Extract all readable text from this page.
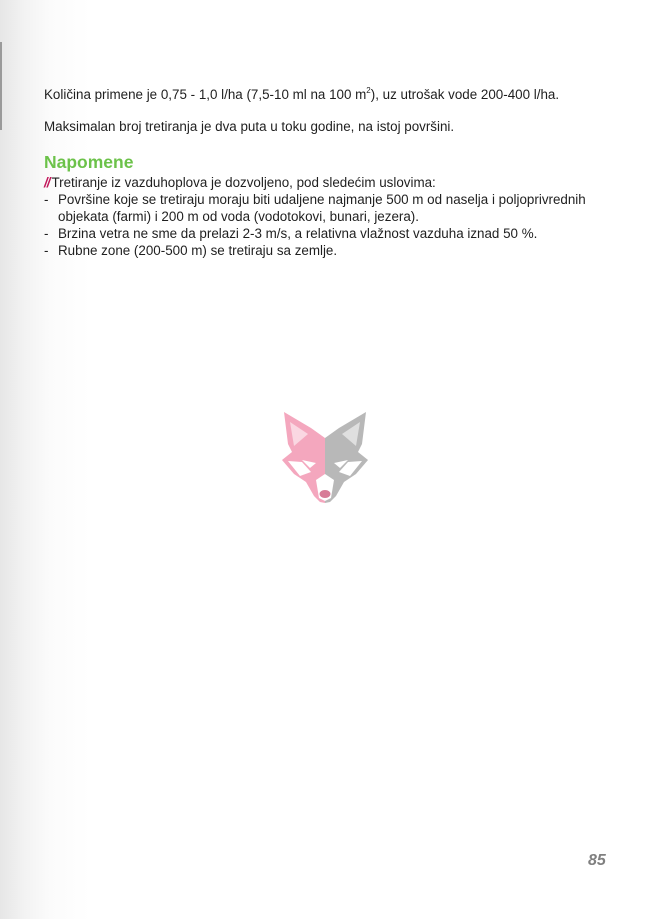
Količina primene je 0,75 - 1,0 l/ha (7,5-10 ml na 100 $m^2$), uz utrošak vode 200-400 l/ha.

Maksimalan broj tretiranja je dva puta u toku godine, na istoj površini.

Napomene

// Tretiranje iz vazduhoplova je dozvoljeno, pod sledećim uslovima:

- Površine koje se tretiraju moraju biti udaljene najmanje 500 m od naselja i poljoprivrednih objekata (farmi) i 200 m od voda (vodotokovi, bunari, jezera).
- Brzina vetra ne sme da prelazi 2-3 m/s, a relativna vlažnost vazduha iznad 50 %.
- Rubne zone (200-500 m) se tretiraju sa zemlje.
85
